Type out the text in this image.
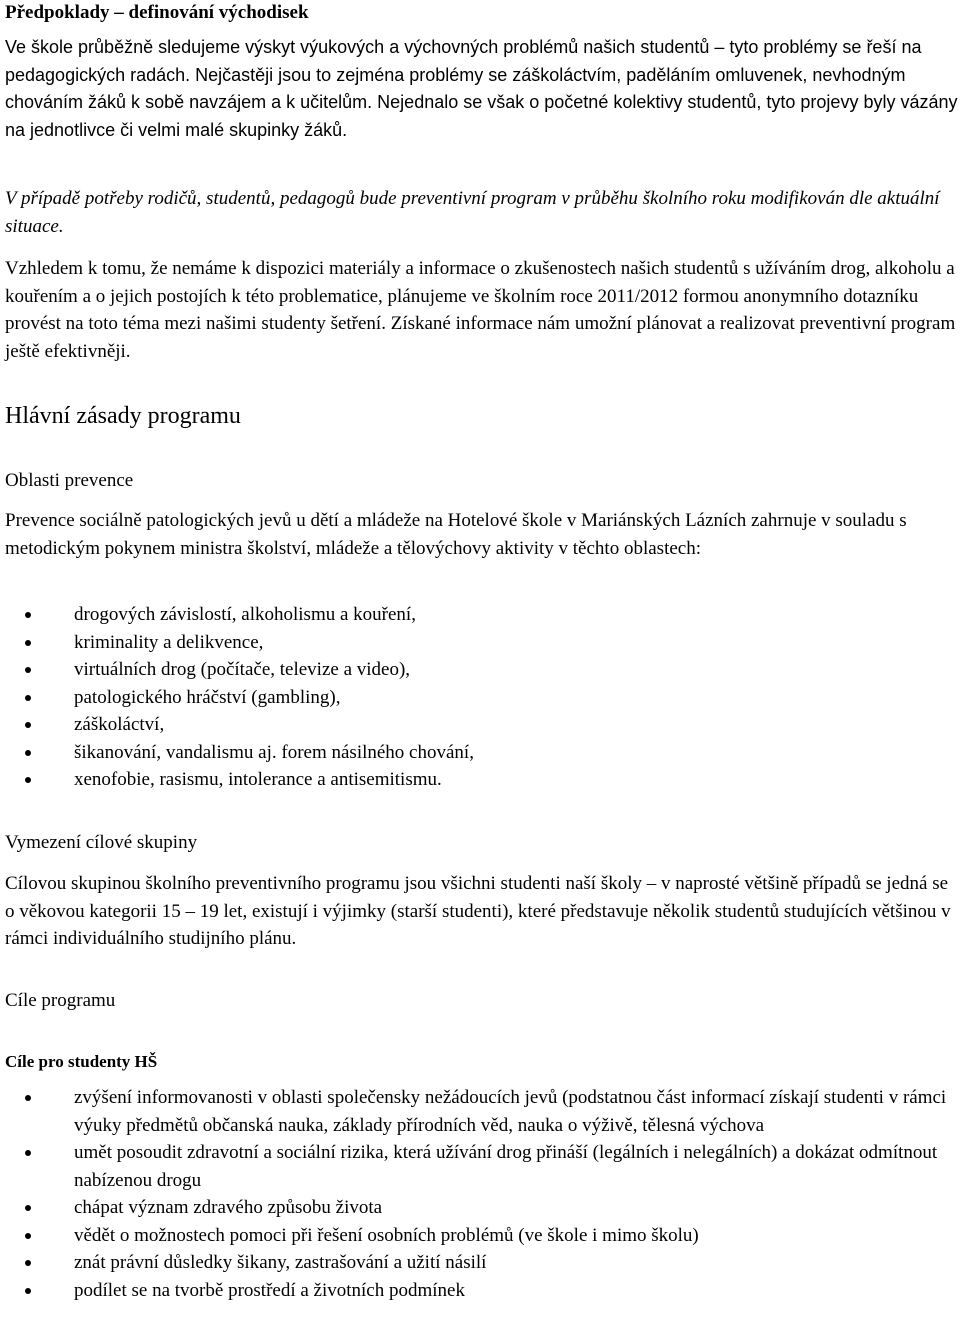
Předpoklady – definování východisek

Ve škole průběžně sledujeme výskyt výukových a výchovných problémů našich studentů – tyto problémy se řeší na pedagogických radách. Nejčastěji jsou to zejména problémy se záškoláctvím, paděláním omluvenek, nevhodným chováním žáků k sobě navzájem a k učitelům. Nejednalo se však o početné kolektivy studentů, tyto projevy byly vázány na jednotlivce či velmi malé skupinky žáků.

V případě potřeby rodičů, studentů, pedagogů bude preventivní program v průběhu školního roku modifikován dle aktuální situace.

Vzhledem k tomu, že nemáme k dispozici materiály a informace o zkušenostech našich studentů s užíváním drog, alkoholu a kouřením a o jejich postojích k této problematice, plánujeme ve školním roce 2011/2012 formou anonymního dotazníku provést na toto téma mezi našimi studenty šetření. Získané informace nám umožní plánovat a realizovat preventivní program ještě efektivněji.

Hlávní zásady programu
Oblasti prevence

Prevence sociálně patologických jevů u dětí a mládeže na Hotelové škole v Mariánských Lázních zahrnuje v souladu s metodickým pokynem ministra školství, mládeže a tělovýchovy aktivity v těchto oblastech:

drogových závislostí, alkoholismu a kouření,
kriminality a delikvence,
virtuálních drog (počítače, televize a video),
patologického hráčství (gambling),
záškoláctví,
šikanování, vandalismu aj. forem násilného chování,
xenofobie, rasismu, intolerance a antisemitismu.
Vymezení cílové skupiny

Cílovou skupinou školního preventivního programu jsou všichni studenti naší školy – v naprosté většině případů se jedná se o věkovou kategorii 15 – 19 let, existují i výjimky (starší studenti), které představuje několik studentů studujících většinou v rámci individuálního studijního plánu.

Cíle programu
Cíle pro studenty HŠ
zvýšení informovanosti v oblasti společensky nežádoucích jevů (podstatnou část informací získají studenti v rámci výuky předmětů občanská nauka, základy přírodních věd, nauka o výživě, tělesná výchova
umět posoudit zdravotní a sociální rizika, která užívání drog přináší (legálních i nelegálních) a dokázat odmítnout nabízenou drogu
chápat význam zdravého způsobu života
vědět o možnostech pomoci při řešení osobních problémů (ve škole i mimo školu)
znát právní důsledky šikany, zastrašování a užití násilí
podílet se na tvorbě prostředí a životních podmínek
